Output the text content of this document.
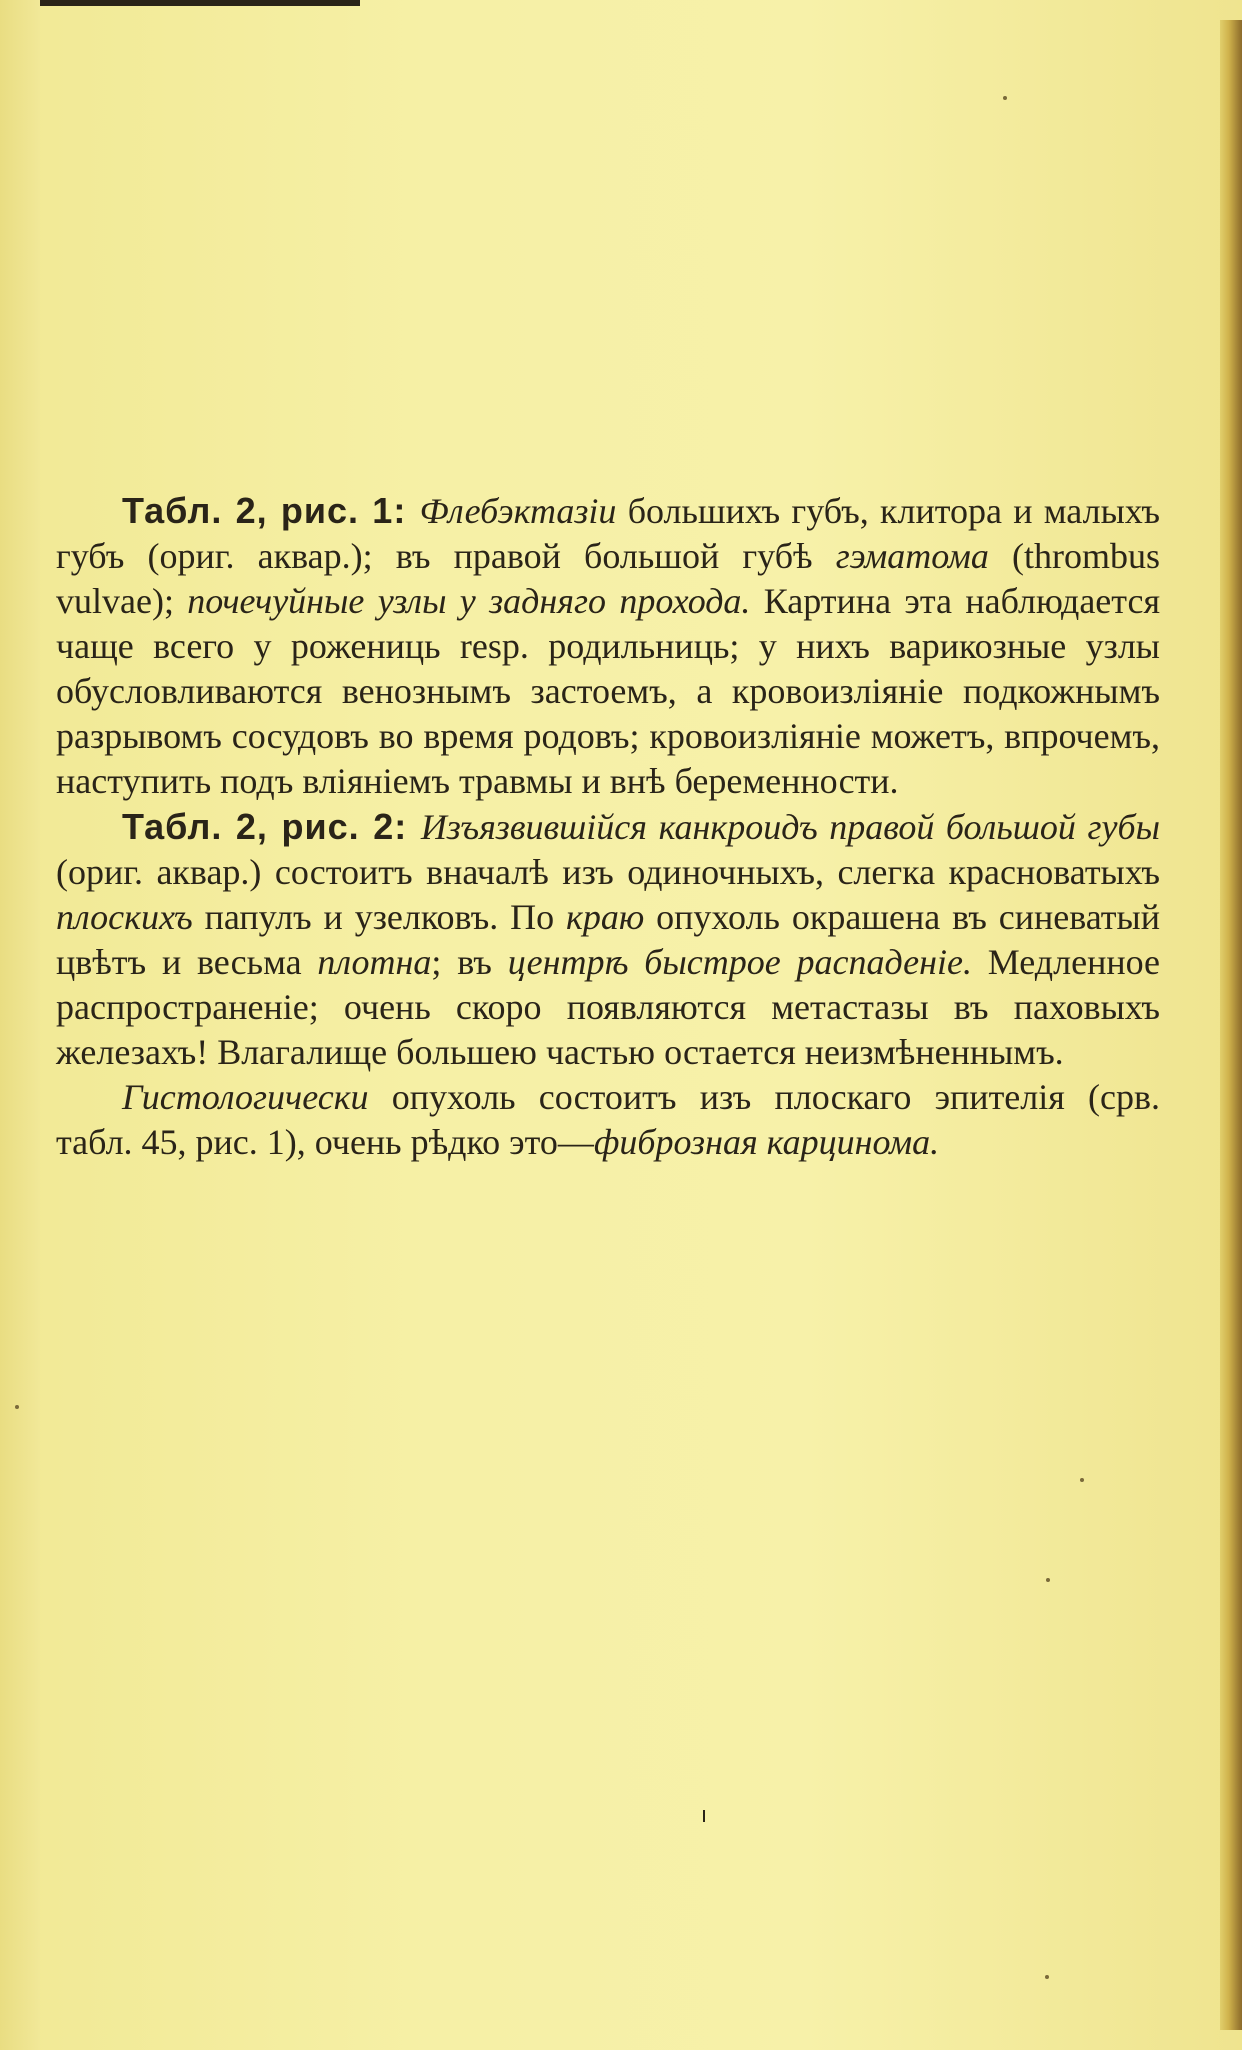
Табл. 2, рис. 1: Флебэктазiи большихъ губъ, клитора и малыхъ губъ (ориг. аквар.); въ правой большой губѣ гэматома (thrombus vulvae); почечуйные узлы у задняго прохода. Картина эта наблюдается чаще всего у рожениць resp. родильниць; у нихъ варикозные узлы обусловливаются венознымъ застоемъ, а кровоизлiянiе подкожнымъ разрывомъ сосудовъ во время родовъ; кровоизлiянiе можетъ, впрочемъ, наступить подъ влiянiемъ травмы и внѣ беременности.

Табл. 2, рис. 2: Изъязвившiйся канкроидъ правой большой губы (ориг. аквар.) состоитъ вначалѣ изъ одиночныхъ, слегка красноватыхъ плоскихъ папулъ и узелковъ. По краю опухоль окрашена въ синеватый цвѣтъ и весьма плотна; въ центрѣ быстрое распаденiе. Медленное распространенiе; очень скоро появляются метастазы въ паховыхъ железахъ! Влагалище большею частью остается неизмѣненнымъ.

Гистологически опухоль состоитъ изъ плоскаго эпителiя (срв. табл. 45, рис. 1), очень рѣдко это—фиброзная карцинома.
